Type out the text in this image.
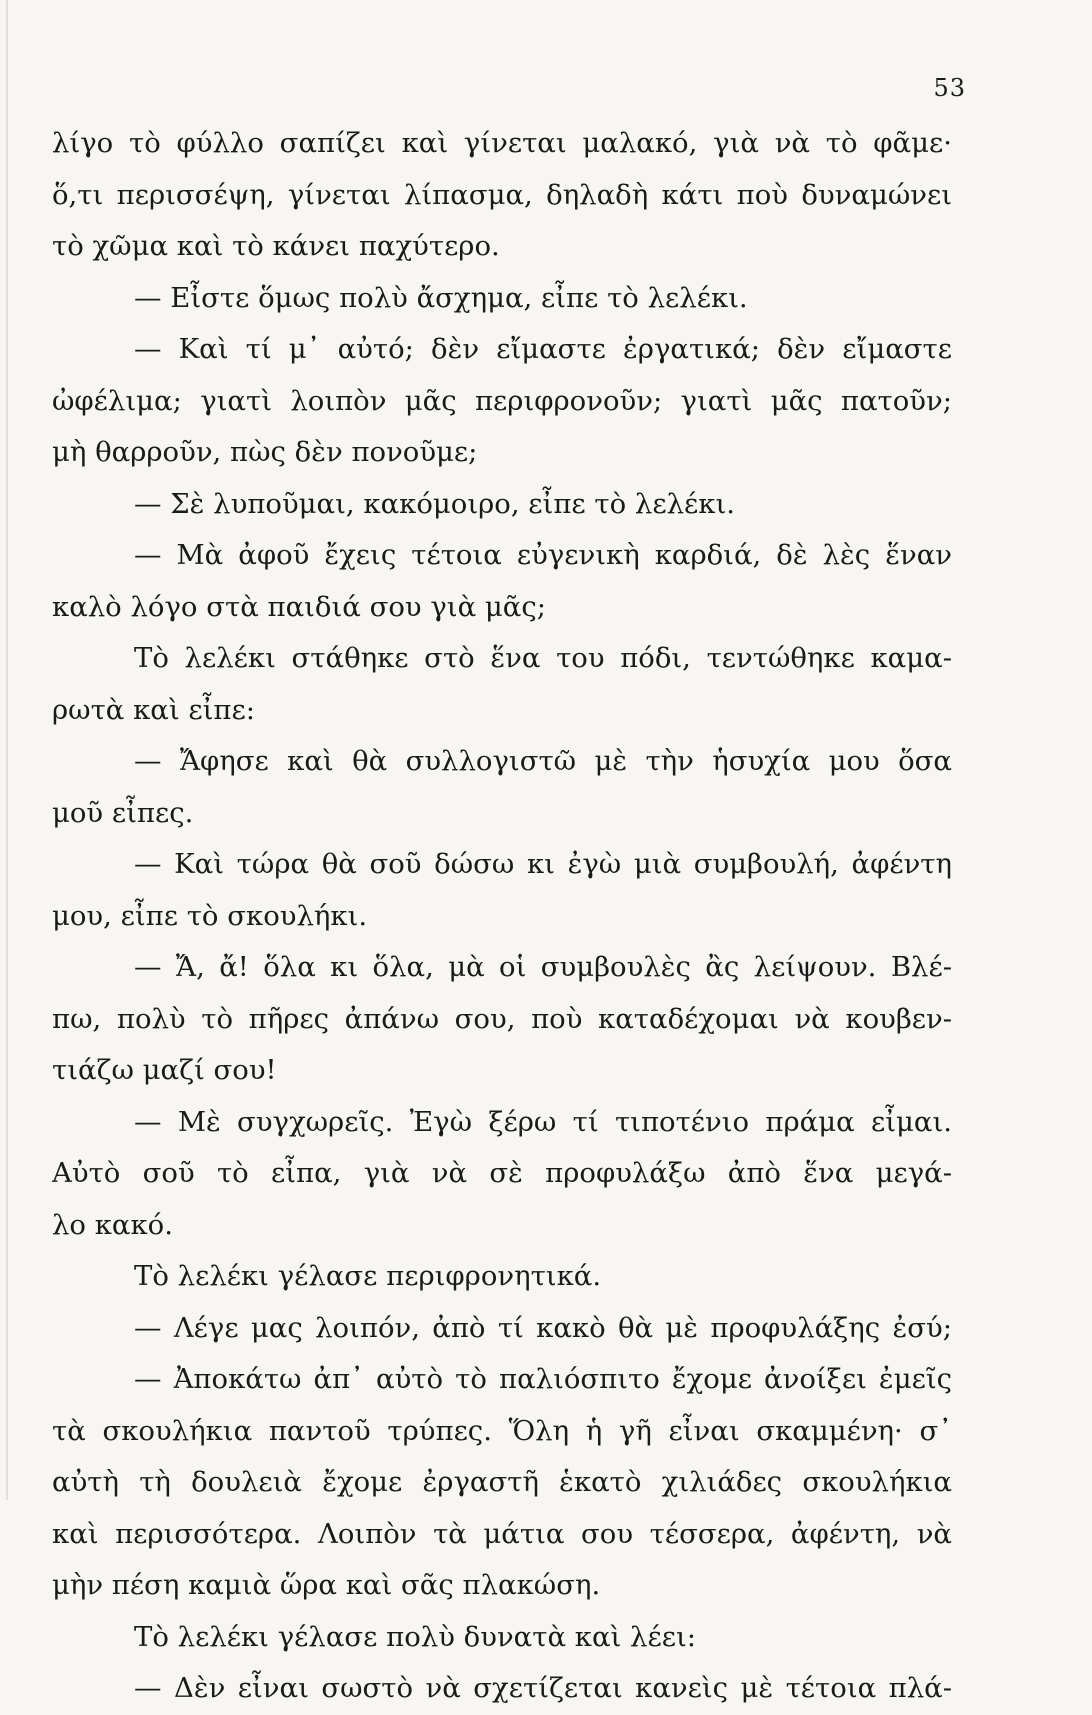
53
λίγο τὸ φύλλο σαπίζει καὶ γίνεται μαλακό, γιὰ νὰ τὸ φᾶμε·
ὅ,τι περισσέψη, γίνεται λίπασμα, δηλαδὴ κάτι ποὺ δυναμώνει
τὸ χῶμα καὶ τὸ κάνει παχύτερο.
— Εἶστε ὅμως πολὺ ἄσχημα, εἶπε τὸ λελέκι.
— Καὶ τί μ᾿ αὐτό; δὲν εἴμαστε ἐργατικά; δὲν εἴμαστε
ὠφέλιμα; γιατὶ λοιπὸν μᾶς περιφρονοῦν; γιατὶ μᾶς πατοῦν;
μὴ θαρροῦν, πὼς δὲν πονοῦμε;
— Σὲ λυποῦμαι, κακόμοιρο, εἶπε τὸ λελέκι.
— Μὰ ἀφοῦ ἔχεις τέτοια εὐγενικὴ καρδιά, δὲ λὲς ἕναν
καλὸ λόγο στὰ παιδιά σου γιὰ μᾶς;
Τὸ λελέκι στάθηκε στὸ ἕνα του πόδι, τεντώθηκε καμα-
ρωτὰ καὶ εἶπε:
— Ἄφησε καὶ θὰ συλλογιστῶ μὲ τὴν ἡσυχία μου ὅσα
μοῦ εἶπες.
— Καὶ τώρα θὰ σοῦ δώσω κι ἐγὼ μιὰ συμβουλή, ἀφέντη
μου, εἶπε τὸ σκουλήκι.
— Ἄ, ἄ! ὅλα κι ὅλα, μὰ οἱ συμβουλὲς ἂς λείψουν. Βλέ-
πω, πολὺ τὸ πῆρες ἀπάνω σου, ποὺ καταδέχομαι νὰ κουβεν-
τιάζω μαζί σου!
— Μὲ συγχωρεῖς. Ἐγὼ ξέρω τί τιποτένιο πράμα εἶμαι.
Αὐτὸ σοῦ τὸ εἶπα, γιὰ νὰ σὲ προφυλάξω ἀπὸ ἕνα μεγά-
λο κακό.
Τὸ λελέκι γέλασε περιφρονητικά.
— Λέγε μας λοιπόν, ἀπὸ τί κακὸ θὰ μὲ προφυλάξης ἐσύ;
— Ἀποκάτω ἀπ᾿ αὐτὸ τὸ παλιόσπιτο ἔχομε ἀνοίξει ἐμεῖς
τὰ σκουλήκια παντοῦ τρύπες. Ὅλη ἡ γῆ εἶναι σκαμμένη· σ᾿
αὐτὴ τὴ δουλειὰ ἔχομε ἐργαστῆ ἑκατὸ χιλιάδες σκουλήκια
καὶ περισσότερα. Λοιπὸν τὰ μάτια σου τέσσερα, ἀφέντη, νὰ
μὴν πέση καμιὰ ὥρα καὶ σᾶς πλακώση.
Τὸ λελέκι γέλασε πολὺ δυνατὰ καὶ λέει:
— Δὲν εἶναι σωστὸ νὰ σχετίζεται κανεὶς μὲ τέτοια πλά-
